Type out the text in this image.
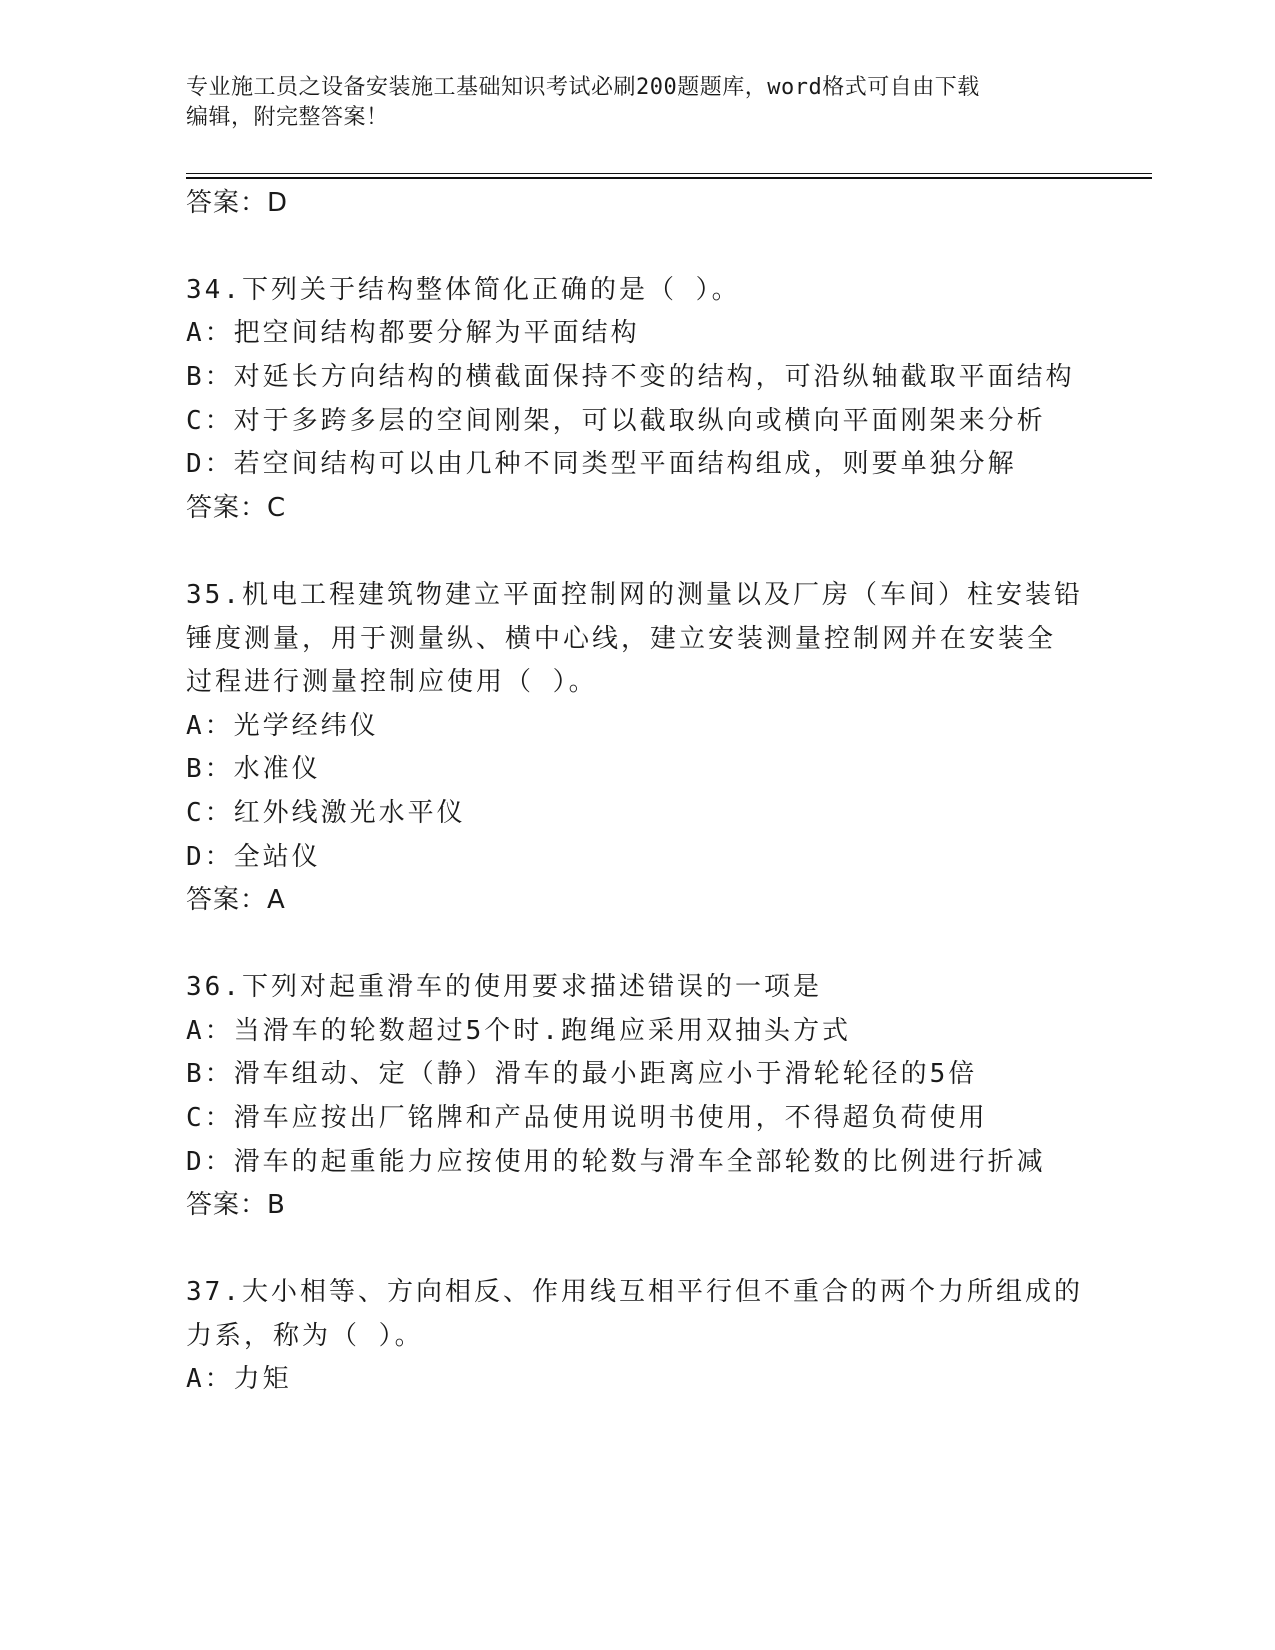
专业施工员之设备安装施工基础知识考试必刷200题题库，word格式可自由下载
编辑，附完整答案！
答案：D
34.下列关于结构整体简化正确的是（ ）。
A：把空间结构都要分解为平面结构
B：对延长方向结构的横截面保持不变的结构，可沿纵轴截取平面结构
C：对于多跨多层的空间刚架，可以截取纵向或横向平面刚架来分析
D：若空间结构可以由几种不同类型平面结构组成，则要单独分解
答案：C
35.机电工程建筑物建立平面控制网的测量以及厂房（车间）柱安装铅
锤度测量，用于测量纵、横中心线，建立安装测量控制网并在安装全
过程进行测量控制应使用（ ）。
A：光学经纬仪
B：水准仪
C：红外线激光水平仪
D：全站仪
答案：A
36.下列对起重滑车的使用要求描述错误的一项是
A：当滑车的轮数超过5个时.跑绳应采用双抽头方式
B：滑车组动、定（静）滑车的最小距离应小于滑轮轮径的5倍
C：滑车应按出厂铭牌和产品使用说明书使用，不得超负荷使用
D：滑车的起重能力应按使用的轮数与滑车全部轮数的比例进行折减
答案：B
37.大小相等、方向相反、作用线互相平行但不重合的两个力所组成的
力系，称为（ ）。
A：力矩
